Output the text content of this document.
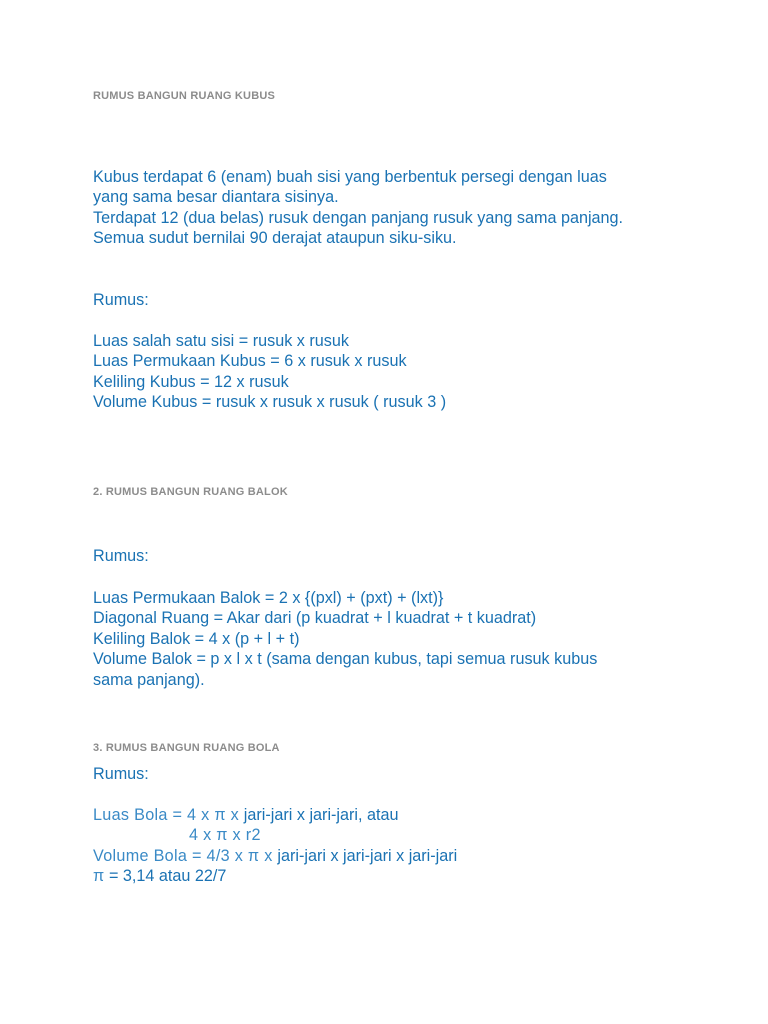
RUMUS BANGUN RUANG KUBUS
Kubus terdapat 6 (enam) buah sisi yang berbentuk persegi dengan luas
yang sama besar diantara sisinya.
Terdapat 12 (dua belas) rusuk dengan panjang rusuk yang sama panjang.
Semua sudut bernilai 90 derajat ataupun siku-siku.
Rumus:
Luas salah satu sisi = rusuk x rusuk
Luas Permukaan Kubus = 6 x rusuk x rusuk
Keliling Kubus = 12 x rusuk
Volume Kubus = rusuk x rusuk x rusuk ( rusuk 3 )
2. RUMUS BANGUN RUANG BALOK
Rumus:
Luas Permukaan Balok = 2 x {(pxl) + (pxt) + (lxt)}
Diagonal Ruang = Akar dari (p kuadrat + l kuadrat + t kuadrat)
Keliling Balok = 4 x (p + l + t)
Volume Balok = p x l x t (sama dengan kubus, tapi semua rusuk kubus
sama panjang).
3. RUMUS BANGUN RUANG BOLA
Rumus:
Luas Bola = 4 x π x jari-jari x jari-jari, atau
4 x π x r2
Volume Bola = 4/3 x π x jari-jari x jari-jari x jari-jari
π = 3,14 atau 22/7
